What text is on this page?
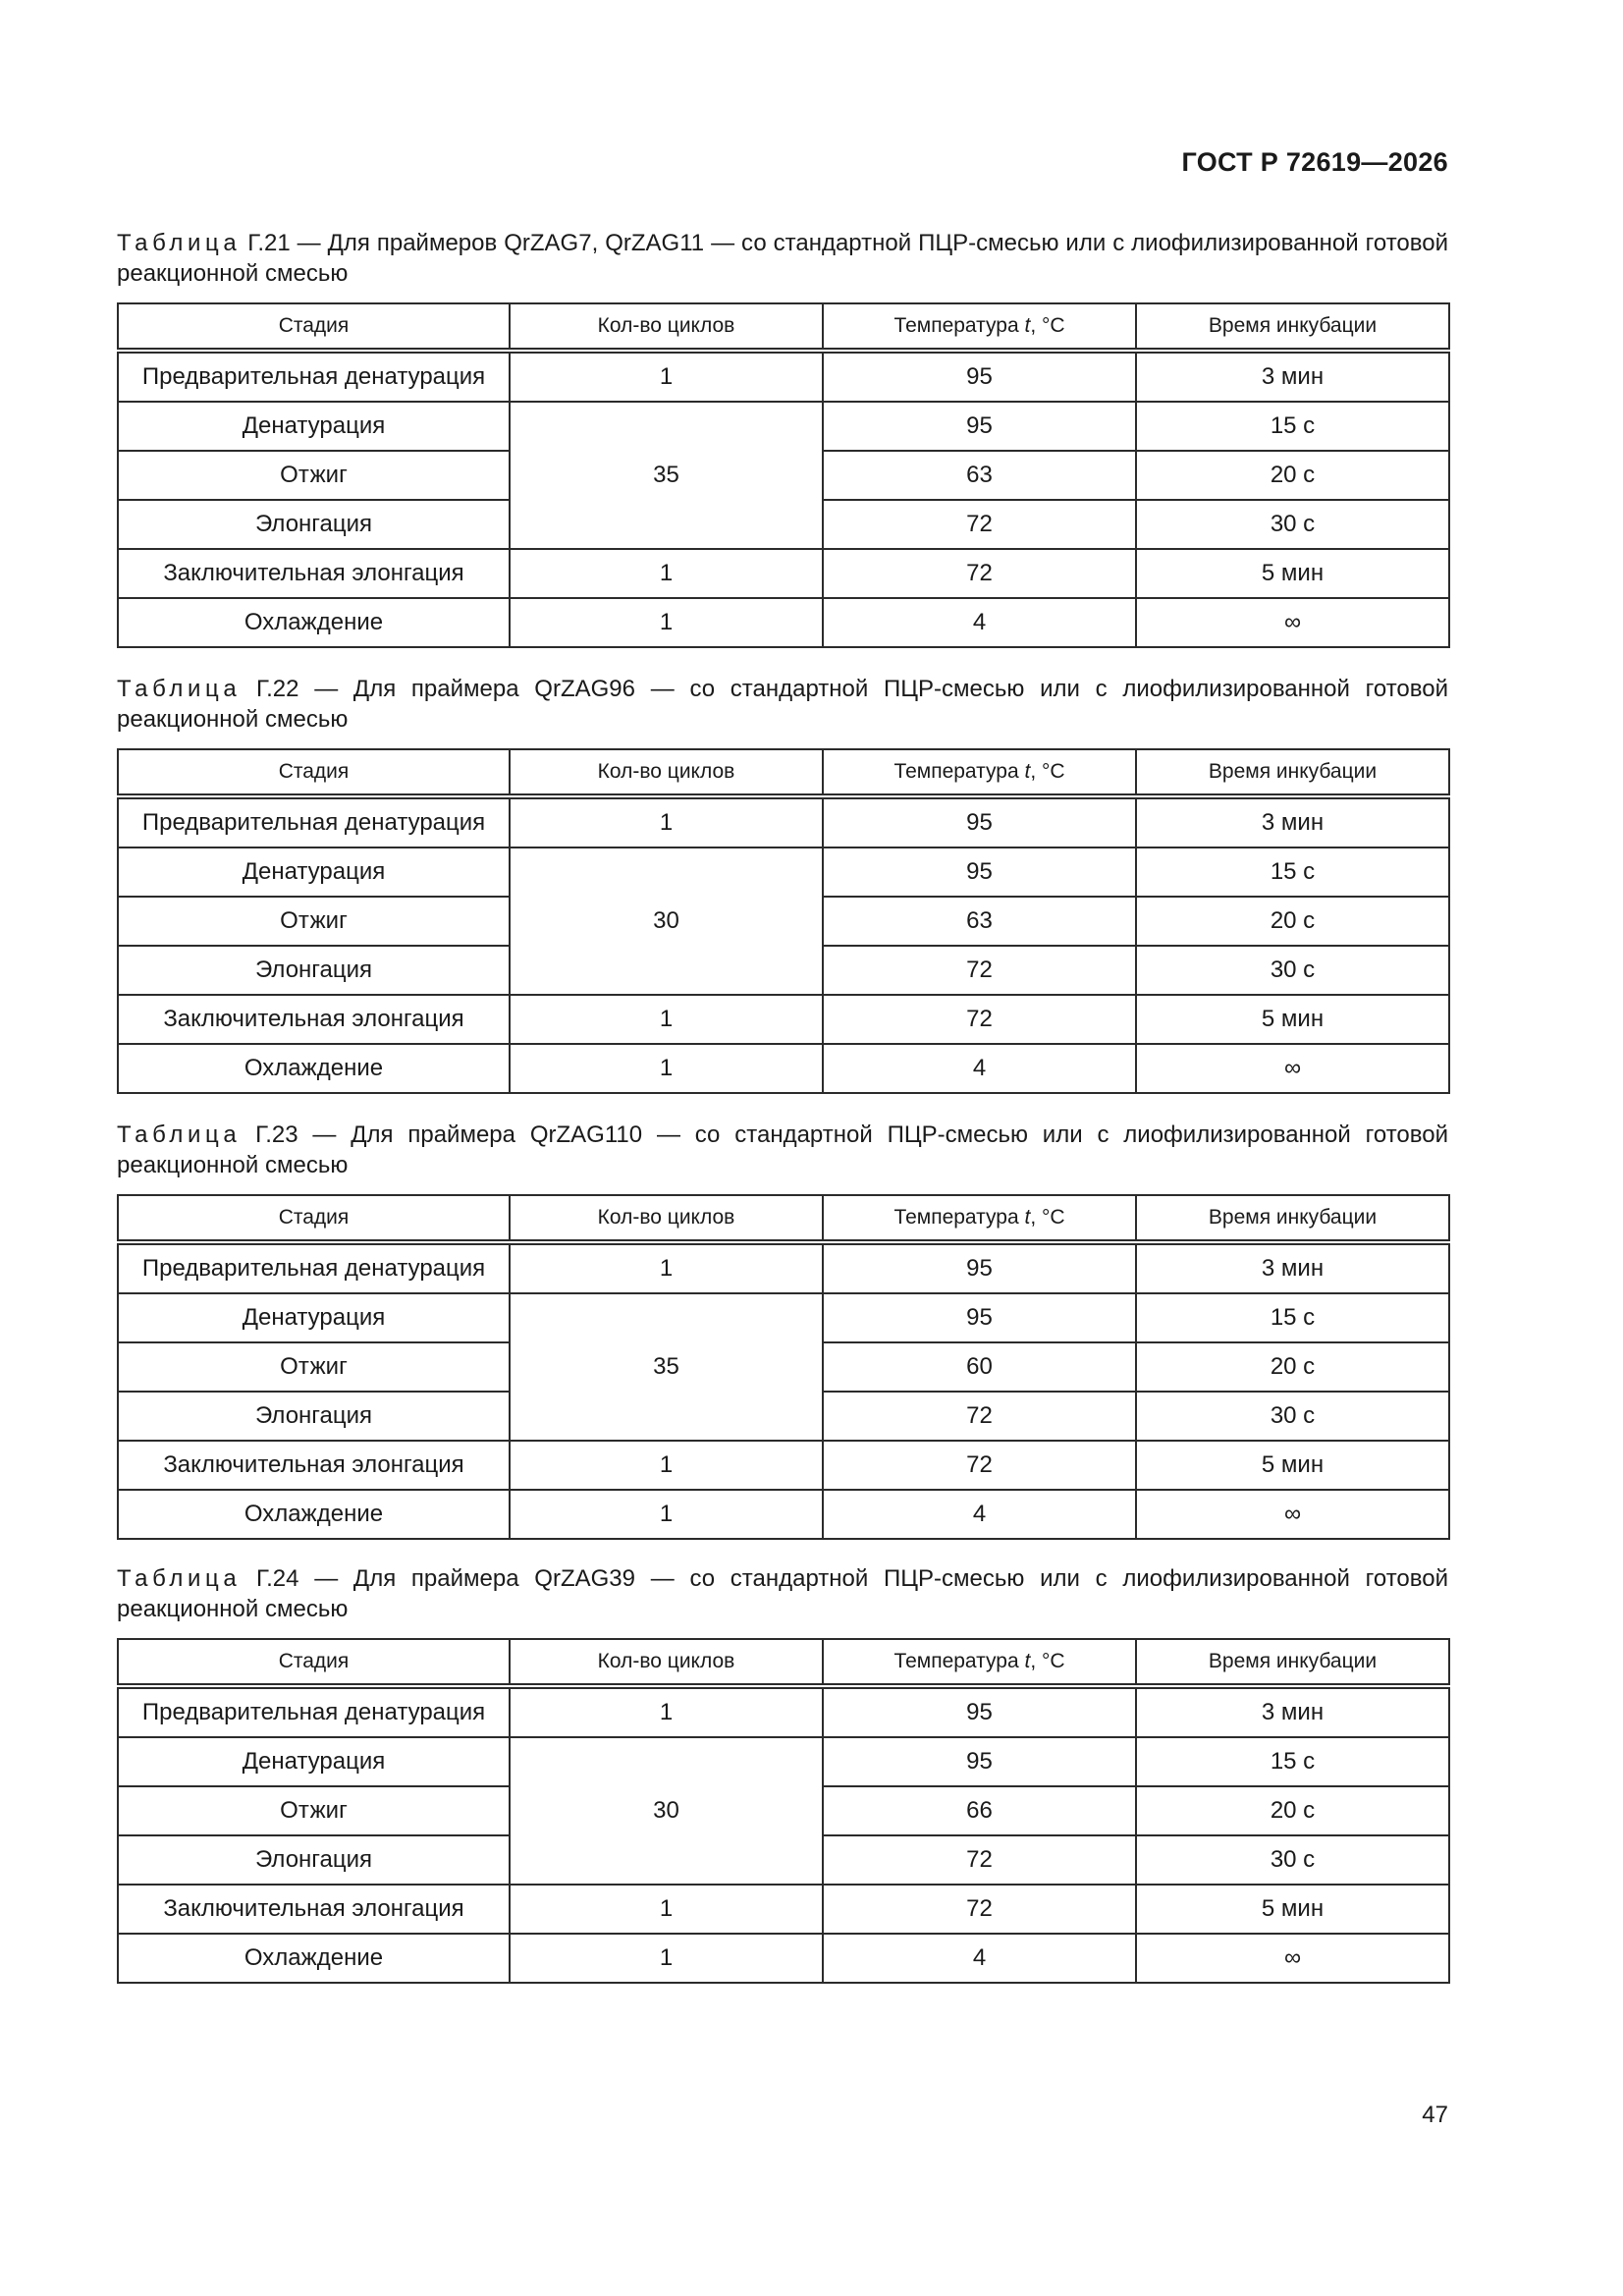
ГОСТ Р 72619—2026

Таблица Г.21 — Для праймеров QrZAG7, QrZAG11 — со стандартной ПЦР-смесью или с лиофилизированной готовой реакционной смесью

Стадия	Кол-во циклов	Температура t, °C	Время инкубации
Предварительная денатурация	1	95	3 мин
Денатурация	35	95	15 с
Отжиг		63	20 с
Элонгация		72	30 с
Заключительная элонгация	1	72	5 мин
Охлаждение	1	4	∞

Таблица Г.22 — Для праймера QrZAG96 — со стандартной ПЦР-смесью или с лиофилизированной готовой реакционной смесью

Стадия	Кол-во циклов	Температура t, °C	Время инкубации
Предварительная денатурация	1	95	3 мин
Денатурация	30	95	15 с
Отжиг		63	20 с
Элонгация		72	30 с
Заключительная элонгация	1	72	5 мин
Охлаждение	1	4	∞

Таблица Г.23 — Для праймера QrZAG110 — со стандартной ПЦР-смесью или с лиофилизированной готовой реакционной смесью

Стадия	Кол-во циклов	Температура t, °C	Время инкубации
Предварительная денатурация	1	95	3 мин
Денатурация	35	95	15 с
Отжиг		60	20 с
Элонгация		72	30 с
Заключительная элонгация	1	72	5 мин
Охлаждение	1	4	∞

Таблица Г.24 — Для праймера QrZAG39 — со стандартной ПЦР-смесью или с лиофилизированной готовой реакционной смесью

Стадия	Кол-во циклов	Температура t, °C	Время инкубации
Предварительная денатурация	1	95	3 мин
Денатурация	30	95	15 с
Отжиг		66	20 с
Элонгация		72	30 с
Заключительная элонгация	1	72	5 мин
Охлаждение	1	4	∞
47
